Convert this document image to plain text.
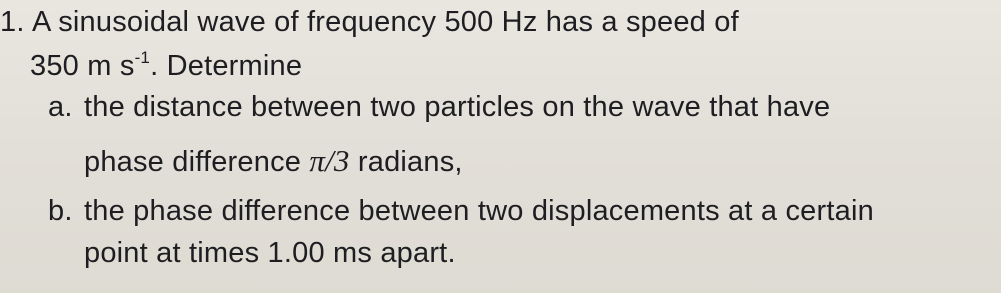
1. A sinusoidal wave of frequency 500 Hz has a speed of
350 m $s^{-1}$. Determine
a. the distance between two particles on the wave that have
phase difference π/3 radians,
b. the phase difference between two displacements at a certain
point at times 1.00 ms apart.
